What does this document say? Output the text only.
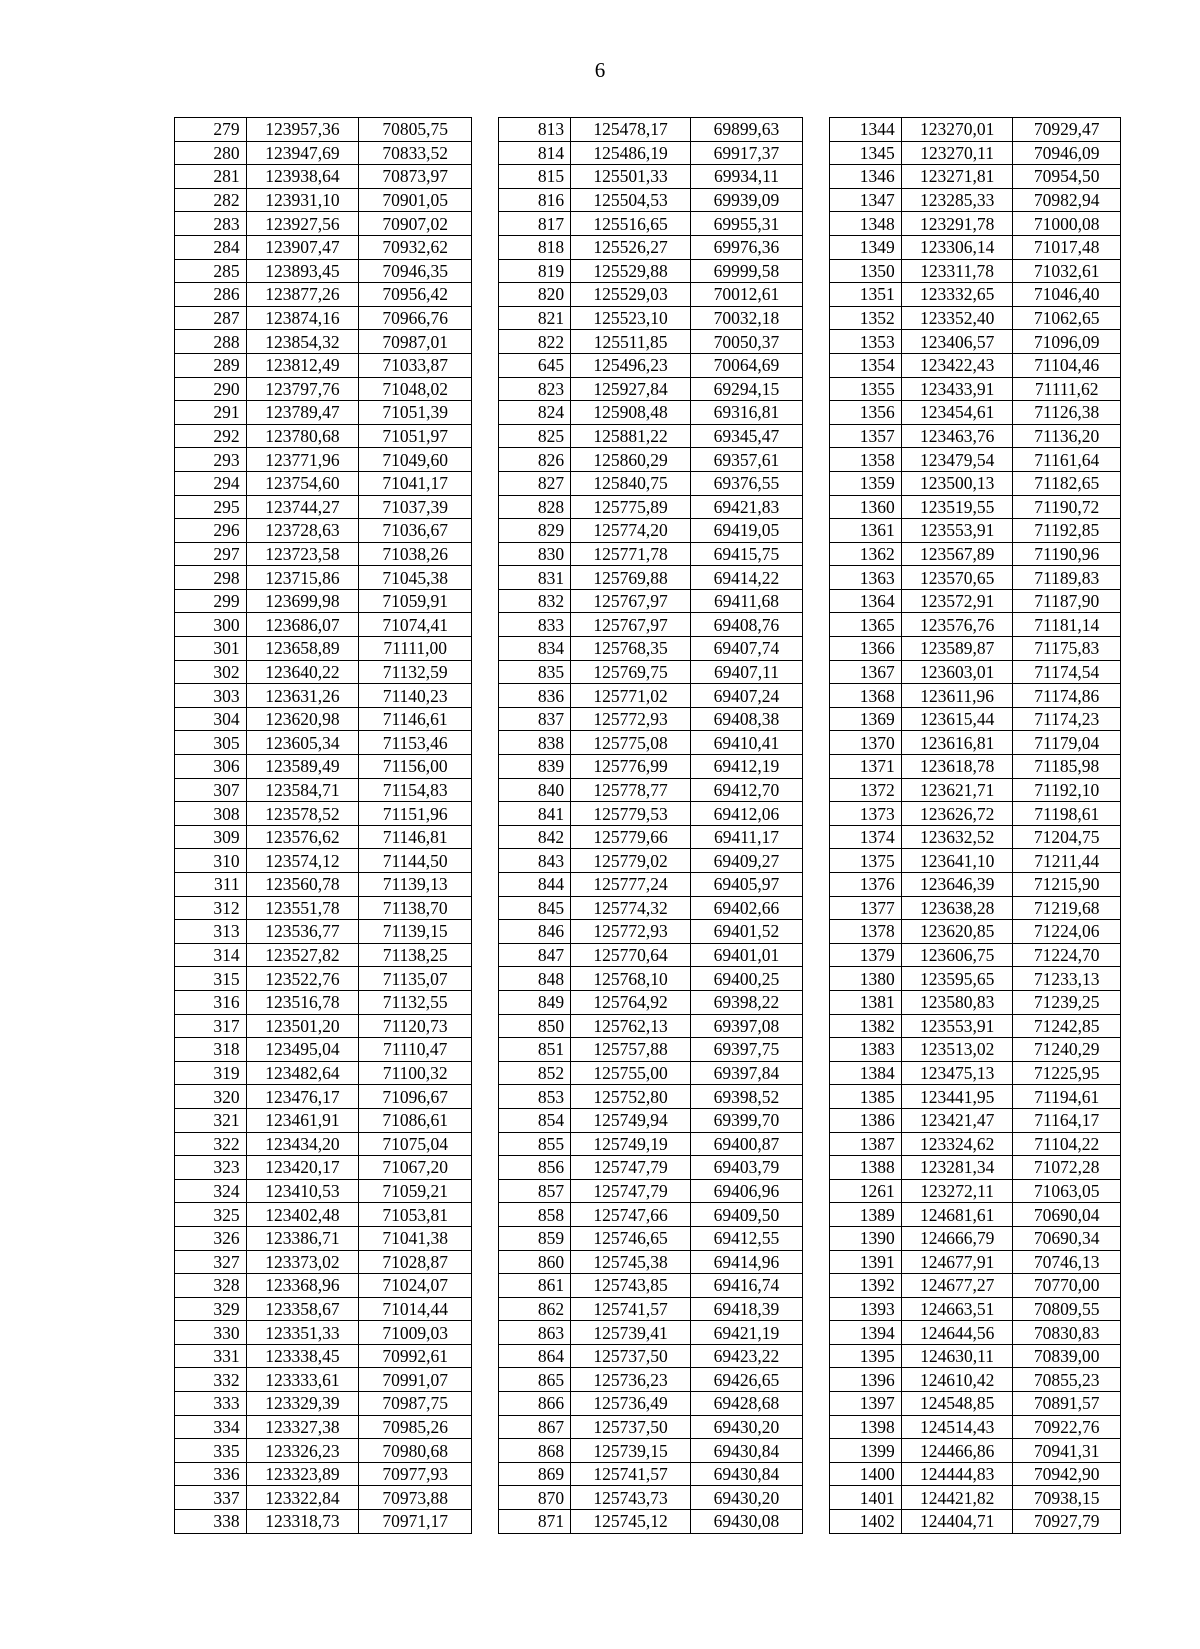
6
279	123957,36	70805,75		813	125478,17	69899,63		1344	123270,01	70929,47
280	123947,69	70833,52		814	125486,19	69917,37		1345	123270,11	70946,09
281	123938,64	70873,97		815	125501,33	69934,11		1346	123271,81	70954,50
282	123931,10	70901,05		816	125504,53	69939,09		1347	123285,33	70982,94
283	123927,56	70907,02		817	125516,65	69955,31		1348	123291,78	71000,08
284	123907,47	70932,62		818	125526,27	69976,36		1349	123306,14	71017,48
285	123893,45	70946,35		819	125529,88	69999,58		1350	123311,78	71032,61
286	123877,26	70956,42		820	125529,03	70012,61		1351	123332,65	71046,40
287	123874,16	70966,76		821	125523,10	70032,18		1352	123352,40	71062,65
288	123854,32	70987,01		822	125511,85	70050,37		1353	123406,57	71096,09
289	123812,49	71033,87		645	125496,23	70064,69		1354	123422,43	71104,46
290	123797,76	71048,02		823	125927,84	69294,15		1355	123433,91	71111,62
291	123789,47	71051,39		824	125908,48	69316,81		1356	123454,61	71126,38
292	123780,68	71051,97		825	125881,22	69345,47		1357	123463,76	71136,20
293	123771,96	71049,60		826	125860,29	69357,61		1358	123479,54	71161,64
294	123754,60	71041,17		827	125840,75	69376,55		1359	123500,13	71182,65
295	123744,27	71037,39		828	125775,89	69421,83		1360	123519,55	71190,72
296	123728,63	71036,67		829	125774,20	69419,05		1361	123553,91	71192,85
297	123723,58	71038,26		830	125771,78	69415,75		1362	123567,89	71190,96
298	123715,86	71045,38		831	125769,88	69414,22		1363	123570,65	71189,83
299	123699,98	71059,91		832	125767,97	69411,68		1364	123572,91	71187,90
300	123686,07	71074,41		833	125767,97	69408,76		1365	123576,76	71181,14
301	123658,89	71111,00		834	125768,35	69407,74		1366	123589,87	71175,83
302	123640,22	71132,59		835	125769,75	69407,11		1367	123603,01	71174,54
303	123631,26	71140,23		836	125771,02	69407,24		1368	123611,96	71174,86
304	123620,98	71146,61		837	125772,93	69408,38		1369	123615,44	71174,23
305	123605,34	71153,46		838	125775,08	69410,41		1370	123616,81	71179,04
306	123589,49	71156,00		839	125776,99	69412,19		1371	123618,78	71185,98
307	123584,71	71154,83		840	125778,77	69412,70		1372	123621,71	71192,10
308	123578,52	71151,96		841	125779,53	69412,06		1373	123626,72	71198,61
309	123576,62	71146,81		842	125779,66	69411,17		1374	123632,52	71204,75
310	123574,12	71144,50		843	125779,02	69409,27		1375	123641,10	71211,44
311	123560,78	71139,13		844	125777,24	69405,97		1376	123646,39	71215,90
312	123551,78	71138,70		845	125774,32	69402,66		1377	123638,28	71219,68
313	123536,77	71139,15		846	125772,93	69401,52		1378	123620,85	71224,06
314	123527,82	71138,25		847	125770,64	69401,01		1379	123606,75	71224,70
315	123522,76	71135,07		848	125768,10	69400,25		1380	123595,65	71233,13
316	123516,78	71132,55		849	125764,92	69398,22		1381	123580,83	71239,25
317	123501,20	71120,73		850	125762,13	69397,08		1382	123553,91	71242,85
318	123495,04	71110,47		851	125757,88	69397,75		1383	123513,02	71240,29
319	123482,64	71100,32		852	125755,00	69397,84		1384	123475,13	71225,95
320	123476,17	71096,67		853	125752,80	69398,52		1385	123441,95	71194,61
321	123461,91	71086,61		854	125749,94	69399,70		1386	123421,47	71164,17
322	123434,20	71075,04		855	125749,19	69400,87		1387	123324,62	71104,22
323	123420,17	71067,20		856	125747,79	69403,79		1388	123281,34	71072,28
324	123410,53	71059,21		857	125747,79	69406,96		1261	123272,11	71063,05
325	123402,48	71053,81		858	125747,66	69409,50		1389	124681,61	70690,04
326	123386,71	71041,38		859	125746,65	69412,55		1390	124666,79	70690,34
327	123373,02	71028,87		860	125745,38	69414,96		1391	124677,91	70746,13
328	123368,96	71024,07		861	125743,85	69416,74		1392	124677,27	70770,00
329	123358,67	71014,44		862	125741,57	69418,39		1393	124663,51	70809,55
330	123351,33	71009,03		863	125739,41	69421,19		1394	124644,56	70830,83
331	123338,45	70992,61		864	125737,50	69423,22		1395	124630,11	70839,00
332	123333,61	70991,07		865	125736,23	69426,65		1396	124610,42	70855,23
333	123329,39	70987,75		866	125736,49	69428,68		1397	124548,85	70891,57
334	123327,38	70985,26		867	125737,50	69430,20		1398	124514,43	70922,76
335	123326,23	70980,68		868	125739,15	69430,84		1399	124466,86	70941,31
336	123323,89	70977,93		869	125741,57	69430,84		1400	124444,83	70942,90
337	123322,84	70973,88		870	125743,73	69430,20		1401	124421,82	70938,15
338	123318,73	70971,17		871	125745,12	69430,08		1402	124404,71	70927,79
